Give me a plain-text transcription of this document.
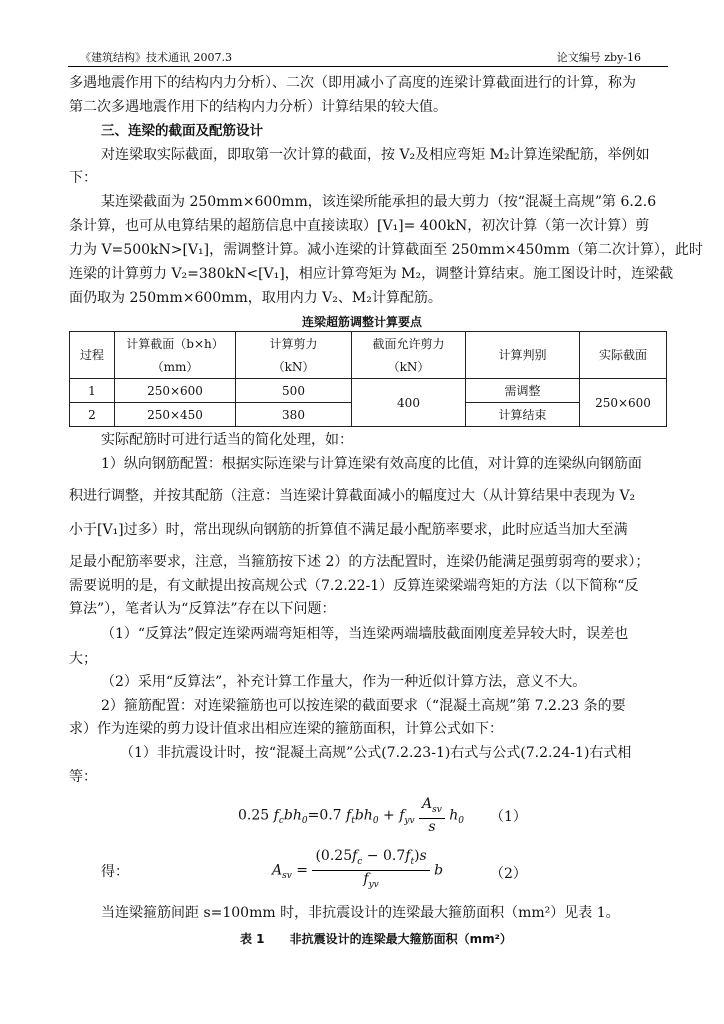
《建筑结构》技术通讯 2007.3	论文编号 zby-16
多遇地震作用下的结构内力分析）、二次（即用减小了高度的连梁计算截面进行的计算，称为
第二次多遇地震作用下的结构内力分析）计算结果的较大值。
三、连梁的截面及配筋设计
对连梁取实际截面，即取第一次计算的截面，按 V₂及相应弯矩 M₂计算连梁配筋，举例如
下：
某连梁截面为 250mm×600mm，该连梁所能承担的最大剪力（按“混凝土高规”第 6.2.6
条计算，也可从电算结果的超筋信息中直接读取）[V₁]= 400kN，初次计算（第一次计算）剪
力为 V=500kN>[V₁]，需调整计算。减小连梁的计算截面至 250mm×450mm（第二次计算），此时
连梁的计算剪力 V₂=380kN<[V₁]，相应计算弯矩为 M₂，调整计算结束。施工图设计时，连梁截
面仍取为 250mm×600mm，取用内力 V₂、M₂计算配筋。
连梁超筋调整计算要点
过程	计算截面（b×h）	计算剪力	截面允许剪力	计算判别	实际截面
	（mm）	（kN）	（kN）		
1	250×600	500	400	需调整	250×600
2	250×450	380		计算结束	
实际配筋时可进行适当的简化处理，如：
1）纵向钢筋配置：根据实际连梁与计算连梁有效高度的比值，对计算的连梁纵向钢筋面
积进行调整，并按其配筋（注意：当连梁计算截面减小的幅度过大（从计算结果中表现为 V₂
小于[V₁]过多）时，常出现纵向钢筋的折算值不满足最小配筋率要求，此时应适当加大至满
足最小配筋率要求，注意，当箍筋按下述 2）的方法配置时，连梁仍能满足强剪弱弯的要求）；
需要说明的是，有文献提出按高规公式（7.2.22-1）反算连梁梁端弯矩的方法（以下简称“反
算法”），笔者认为“反算法”存在以下问题：
（1）“反算法”假定连梁两端弯矩相等，当连梁两端墙肢截面刚度差异较大时，误差也
大；
（2）采用“反算法”，补充计算工作量大，作为一种近似计算方法，意义不大。
2）箍筋配置：对连梁箍筋也可以按连梁的截面要求（“混凝土高规”第 7.2.23 条的要
求）作为连梁的剪力设计值求出相应连梁的箍筋面积，计算公式如下：
（1）非抗震设计时，按“混凝土高规”公式(7.2.23-1)右式与公式(7.2.24-1)右式相
等：
0.25 $f_cbh_0=0.7$ $f_tbh_0 + f_{yv} \frac{A_{sv}}{s} h_0$ （1）
得：	$A_{sv} = \frac{(0.25f_c - 0.7f_t)s}{f_{yv}}$ b	（2）
当连梁箍筋间距 s=100mm 时，非抗震设计的连梁最大箍筋面积（mm²）见表 1。
表 1      非抗震设计的连梁最大箍筋面积（mm²）
